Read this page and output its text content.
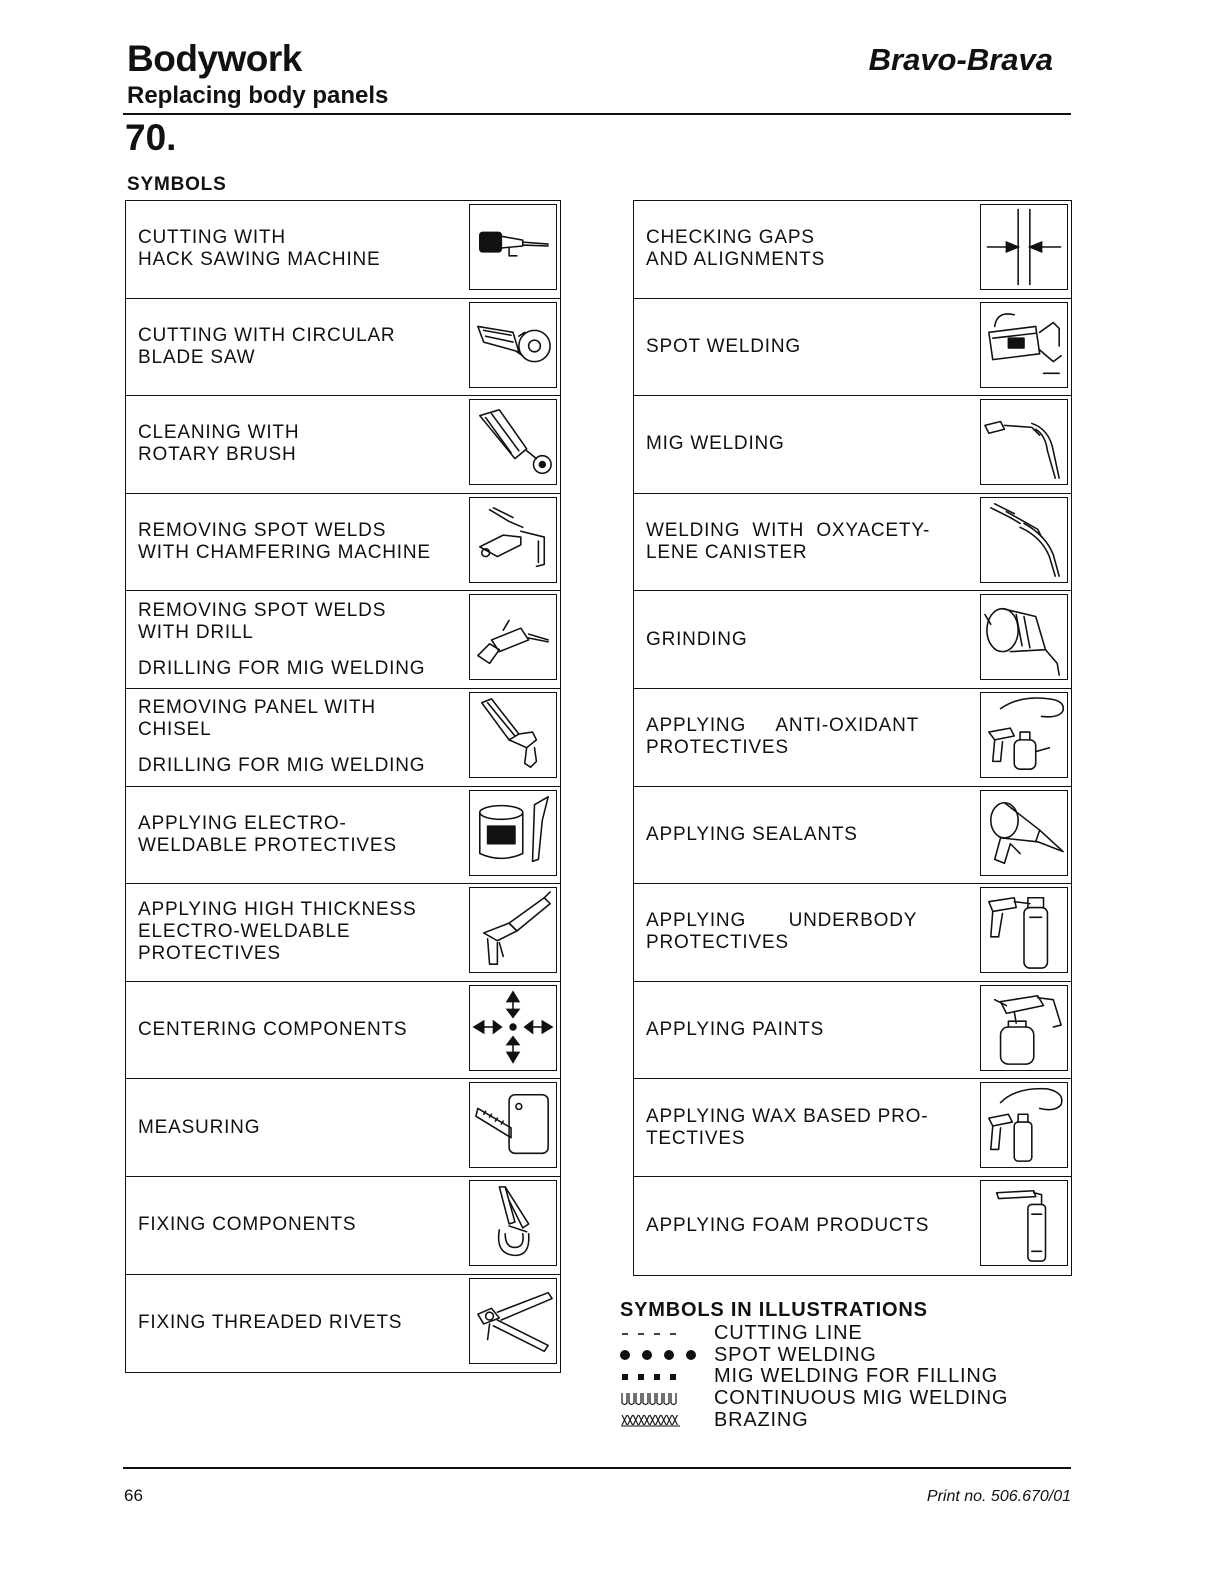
Bodywork	Bravo-Brava
Replacing body panels
70.
SYMBOLS
CUTTING WITH
HACK SAWING MACHINE
CUTTING WITH CIRCULAR
BLADE SAW
CLEANING WITH
ROTARY BRUSH
REMOVING SPOT WELDS
WITH CHAMFERING MACHINE
REMOVING SPOT WELDS
WITH DRILL
DRILLING FOR MIG WELDING
REMOVING PANEL WITH
CHISEL
DRILLING FOR MIG WELDING
APPLYING ELECTRO-
WELDABLE PROTECTIVES
APPLYING HIGH THICKNESS
ELECTRO-WELDABLE
PROTECTIVES
CENTERING COMPONENTS
MEASURING
FIXING COMPONENTS
FIXING THREADED RIVETS
CHECKING GAPS
AND ALIGNMENTS
SPOT WELDING
MIG WELDING
WELDING  WITH  OXYACETY-
LENE CANISTER
GRINDING
APPLYING     ANTI-OXIDANT
PROTECTIVES
APPLYING SEALANTS
APPLYING       UNDERBODY
PROTECTIVES
APPLYING PAINTS
APPLYING WAX BASED PRO-
TECTIVES
APPLYING FOAM PRODUCTS
SYMBOLS IN ILLUSTRATIONS
CUTTING LINE
SPOT WELDING
MIG WELDING FOR FILLING
CONTINUOUS MIG WELDING
BRAZING
66	Print no. 506.670/01
